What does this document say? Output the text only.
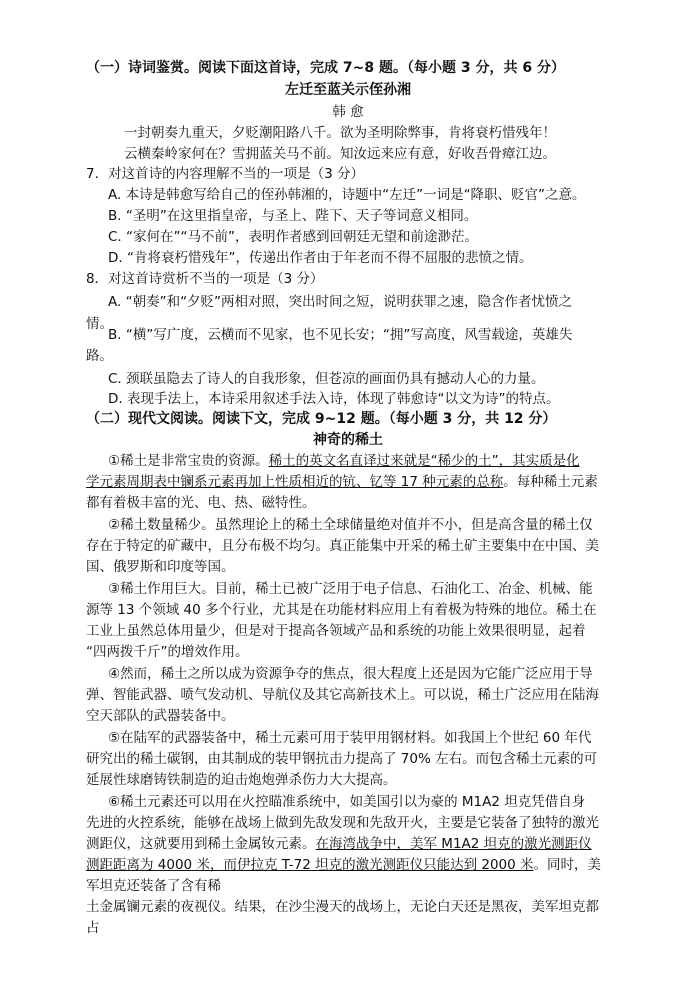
（一）诗词鉴赏。阅读下面这首诗，完成 7~8 题。（每小题 3 分，共 6 分）
左迁至蓝关示侄孙湘
韩 愈
一封朝奏九重天，夕贬潮阳路八千。欲为圣明除弊事，肯将衰朽惜残年！
云横秦岭家何在？雪拥蓝关马不前。知汝远来应有意，好收吾骨瘴江边。
7．对这首诗的内容理解不当的一项是（3 分）
A. 本诗是韩愈写给自己的侄孙韩湘的，诗题中“左迁”一词是“降职、贬官”之意。
B. “圣明”在这里指皇帝，与圣上、陛下、天子等词意义相同。
C. “家何在”“马不前”，表明作者感到回朝廷无望和前途渺茫。
D. “肯将衰朽惜残年”，传递出作者由于年老而不得不屈服的悲愤之情。
8．对这首诗赏析不当的一项是（3 分）
A. “朝奏”和“夕贬”两相对照，突出时间之短，说明获罪之速，隐含作者忧愤之
情。
B. “横”写广度，云横而不见家，也不见长安；“拥”写高度，风雪载途，英雄失
路。
C. 颈联虽隐去了诗人的自我形象，但苍凉的画面仍具有撼动人心的力量。
D. 表现手法上，本诗采用叙述手法入诗，体现了韩愈诗“以文为诗”的特点。
（二）现代文阅读。阅读下文，完成 9~12 题。（每小题 3 分，共 12 分）
神奇的稀土
①稀土是非常宝贵的资源。稀土的英文名直译过来就是“稀少的土”，其实质是化
学元素周期表中镧系元素再加上性质相近的钪、钇等 17 种元素的总称。每种稀土元素
都有着极丰富的光、电、热、磁特性。
②稀土数量稀少。虽然理论上的稀土全球储量绝对值并不小，但是高含量的稀土仅
存在于特定的矿藏中，且分布极不均匀。真正能集中开采的稀土矿主要集中在中国、美
国、俄罗斯和印度等国。
③稀土作用巨大。目前，稀土已被广泛用于电子信息、石油化工、冶金、机械、能
源等 13 个领域 40 多个行业，尤其是在功能材料应用上有着极为特殊的地位。稀土在
工业上虽然总体用量少，但是对于提高各领域产品和系统的功能上效果很明显，起着
“四两拨千斤”的增效作用。
④然而，稀土之所以成为资源争夺的焦点，很大程度上还是因为它能广泛应用于导
弹、智能武器、喷气发动机、导航仪及其它高新技术上。可以说，稀土广泛应用在陆海
空天部队的武器装备中。
⑤在陆军的武器装备中，稀土元素可用于装甲用钢材料。如我国上个世纪 60 年代
研究出的稀土碳钢，由其制成的装甲钢抗击力提高了 70% 左右。而包含稀土元素的可
延展性球磨铸铁制造的迫击炮炮弹杀伤力大大提高。
⑥稀土元素还可以用在火控瞄准系统中，如美国引以为豪的 M1A2 坦克凭借自身
先进的火控系统，能够在战场上做到先敌发现和先敌开火，主要是它装备了独特的激光
测距仪，这就要用到稀土金属钕元素。在海湾战争中，美军 M1A2 坦克的激光测距仪
测距距离为 4000 米，而伊拉克 T-72 坦克的激光测距仪只能达到 2000 米。同时，美
军坦克还装备了含有稀
土金属镧元素的夜视仪。结果，在沙尘漫天的战场上，无论白天还是黑夜，美军坦克都
占
